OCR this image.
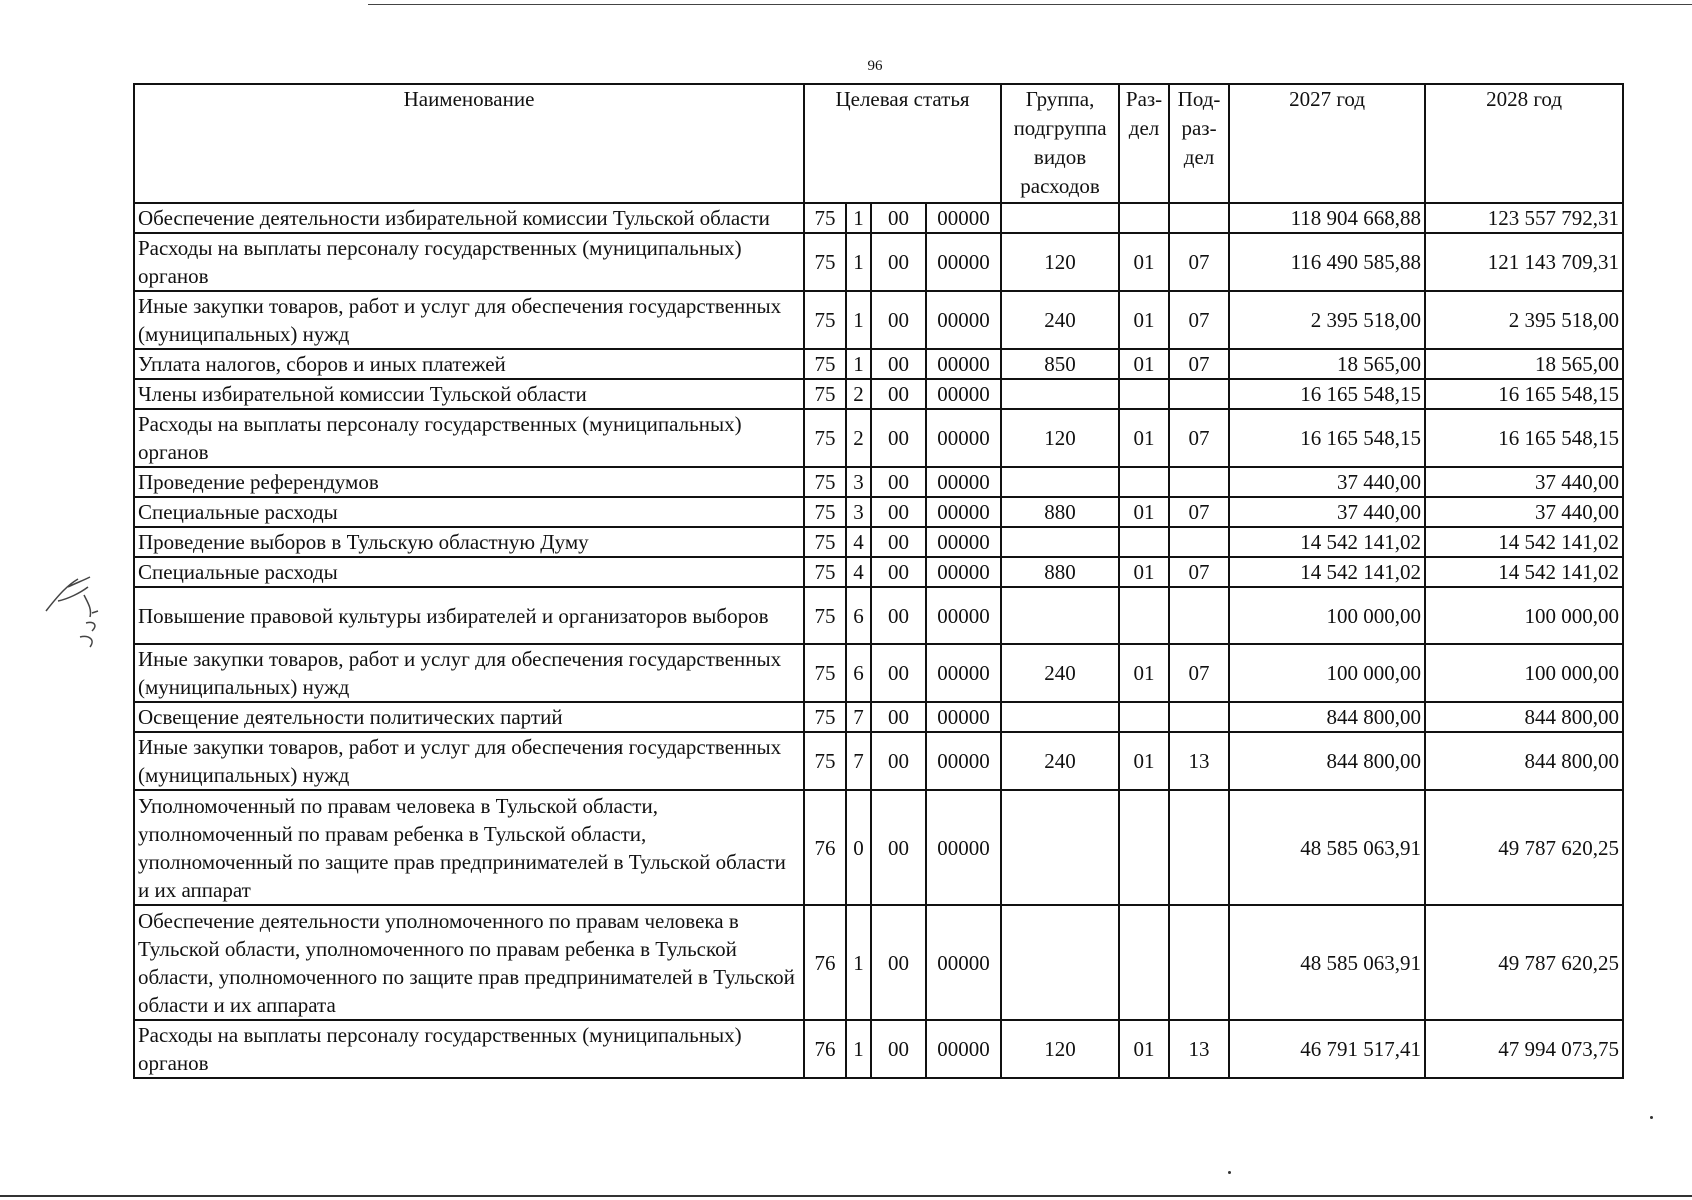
96
Наименование	Целевая статья				Группа, подгруппа видов расходов	Раз- дел	Под- раз- дел	2027 год	2028 год
Обеспечение деятельности избирательной комиссии Тульской области	75	1	00	00000				118 904 668,88	123 557 792,31
Расходы на выплаты персоналу государственных (муниципальных) органов	75	1	00	00000	120	01	07	116 490 585,88	121 143 709,31
Иные закупки товаров, работ и услуг для обеспечения государственных (муниципальных) нужд	75	1	00	00000	240	01	07	2 395 518,00	2 395 518,00
Уплата налогов, сборов и иных платежей	75	1	00	00000	850	01	07	18 565,00	18 565,00
Члены избирательной комиссии Тульской области	75	2	00	00000				16 165 548,15	16 165 548,15
Расходы на выплаты персоналу государственных (муниципальных) органов	75	2	00	00000	120	01	07	16 165 548,15	16 165 548,15
Проведение референдумов	75	3	00	00000				37 440,00	37 440,00
Специальные расходы	75	3	00	00000	880	01	07	37 440,00	37 440,00
Проведение выборов в Тульскую областную Думу	75	4	00	00000				14 542 141,02	14 542 141,02
Специальные расходы	75	4	00	00000	880	01	07	14 542 141,02	14 542 141,02
Повышение правовой культуры избирателей и организаторов выборов	75	6	00	00000				100 000,00	100 000,00
Иные закупки товаров, работ и услуг для обеспечения государственных (муниципальных) нужд	75	6	00	00000	240	01	07	100 000,00	100 000,00
Освещение деятельности политических партий	75	7	00	00000				844 800,00	844 800,00
Иные закупки товаров, работ и услуг для обеспечения государственных (муниципальных) нужд	75	7	00	00000	240	01	13	844 800,00	844 800,00
Уполномоченный по правам человека в Тульской области, уполномоченный по правам ребенка в Тульской области, уполномоченный по защите прав предпринимателей в Тульской области и их аппарат	76	0	00	00000				48 585 063,91	49 787 620,25
Обеспечение деятельности уполномоченного по правам человека в Тульской области, уполномоченного по правам ребенка в Тульской области, уполномоченного по защите прав предпринимателей в Тульской области и их аппарата	76	1	00	00000				48 585 063,91	49 787 620,25
Расходы на выплаты персоналу государственных (муниципальных) органов	76	1	00	00000	120	01	13	46 791 517,41	47 994 073,75
